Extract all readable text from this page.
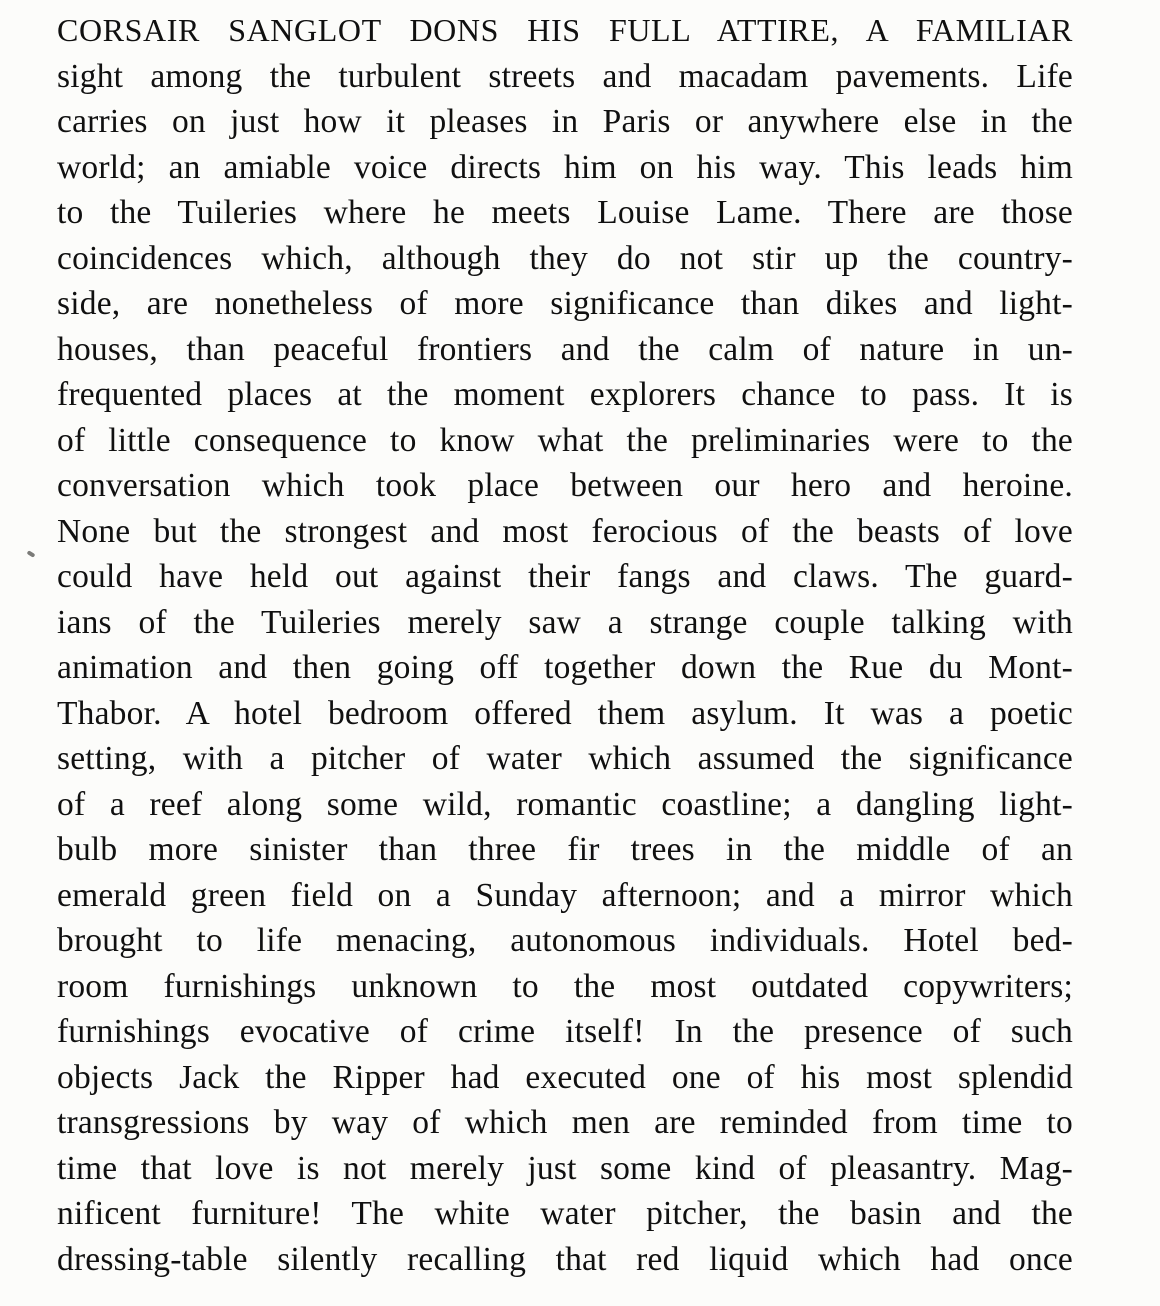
CORSAIR SANGLOT DONS HIS FULL ATTIRE, A FAMILIAR
sight among the turbulent streets and macadam pavements. Life
carries on just how it pleases in Paris or anywhere else in the
world; an amiable voice directs him on his way. This leads him
to the Tuileries where he meets Louise Lame. There are those
coincidences which, although they do not stir up the country-
side, are nonetheless of more significance than dikes and light-
houses, than peaceful frontiers and the calm of nature in un-
frequented places at the moment explorers chance to pass. It is
of little consequence to know what the preliminaries were to the
conversation which took place between our hero and heroine.
None but the strongest and most ferocious of the beasts of love
could have held out against their fangs and claws. The guard-
ians of the Tuileries merely saw a strange couple talking with
animation and then going off together down the Rue du Mont-
Thabor. A hotel bedroom offered them asylum. It was a poetic
setting, with a pitcher of water which assumed the significance
of a reef along some wild, romantic coastline; a dangling light-
bulb more sinister than three fir trees in the middle of an
emerald green field on a Sunday afternoon; and a mirror which
brought to life menacing, autonomous individuals. Hotel bed-
room furnishings unknown to the most outdated copywriters;
furnishings evocative of crime itself! In the presence of such
objects Jack the Ripper had executed one of his most splendid
transgressions by way of which men are reminded from time to
time that love is not merely just some kind of pleasantry. Mag-
nificent furniture! The white water pitcher, the basin and the
dressing-table silently recalling that red liquid which had once
